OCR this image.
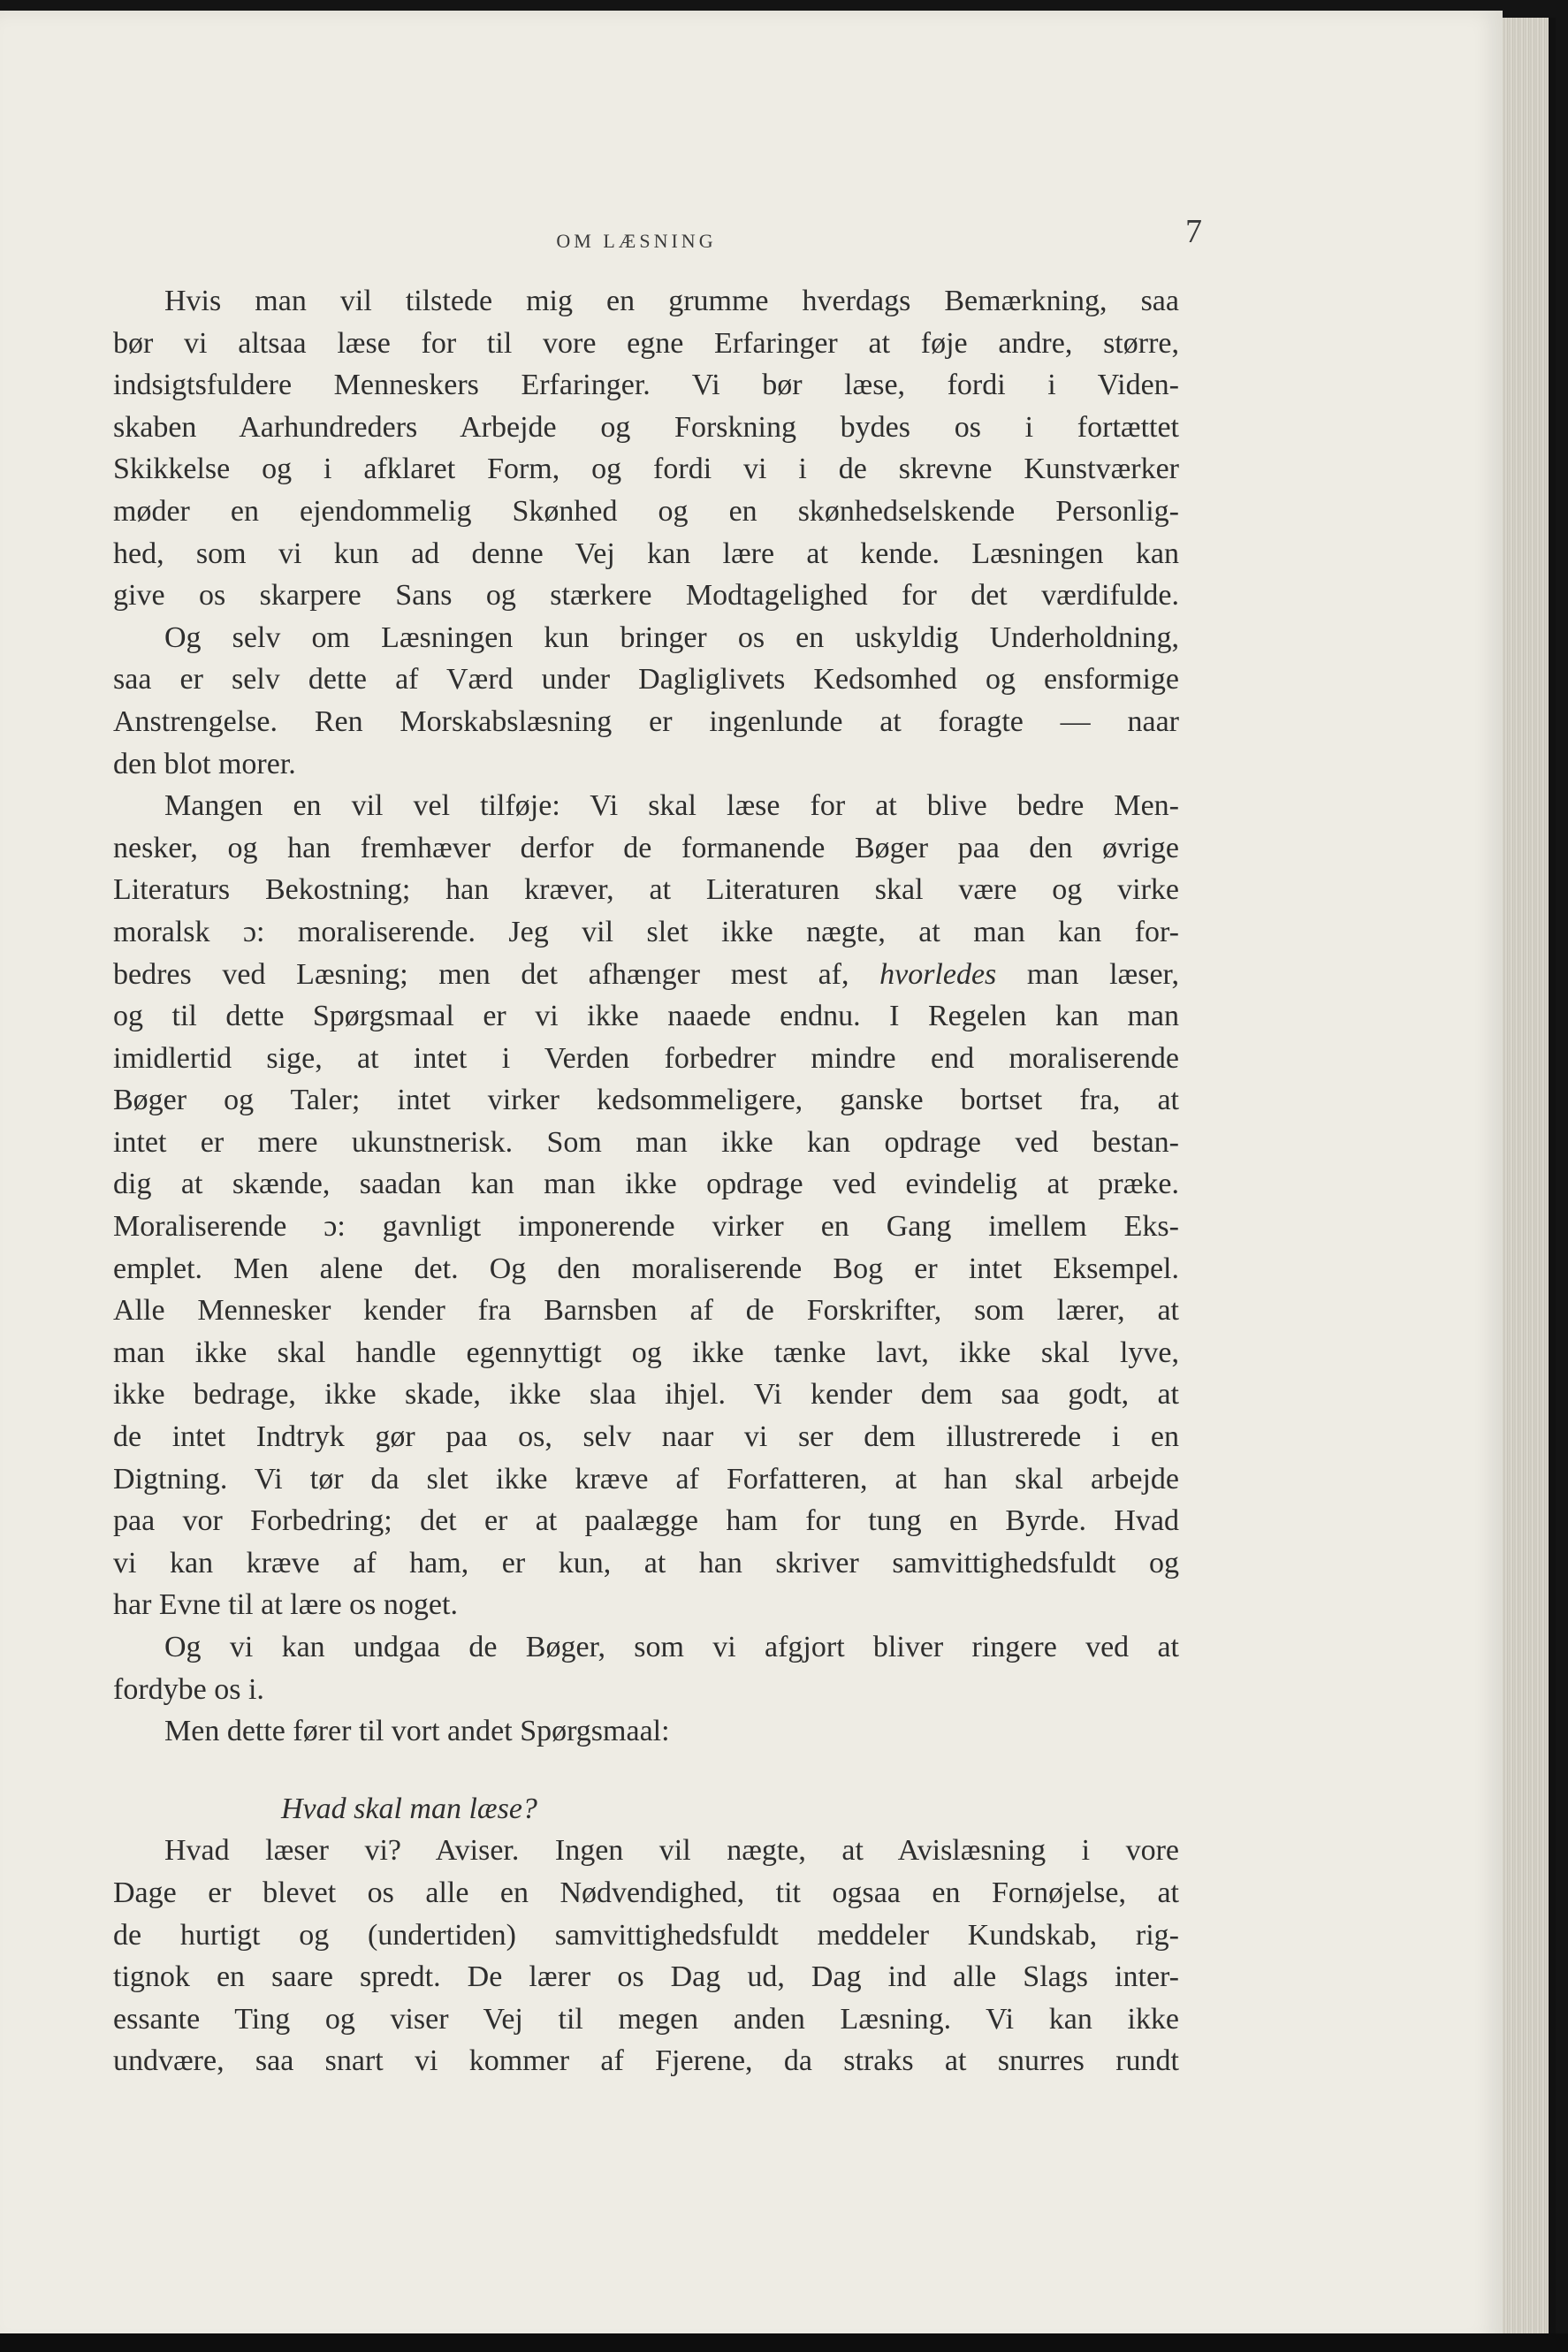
OM LÆSNING	7
Hvis man vil tilstede mig en grumme hverdags Bemærkning, saa
bør vi altsaa læse for til vore egne Erfaringer at føje andre, større,
indsigtsfuldere Menneskers Erfaringer. Vi bør læse, fordi i Viden-
skaben Aarhundreders Arbejde og Forskning bydes os i fortættet
Skikkelse og i afklaret Form, og fordi vi i de skrevne Kunstværker
møder en ejendommelig Skønhed og en skønhedselskende Personlig-
hed, som vi kun ad denne Vej kan lære at kende. Læsningen kan
give os skarpere Sans og stærkere Modtagelighed for det værdifulde.
Og selv om Læsningen kun bringer os en uskyldig Underholdning,
saa er selv dette af Værd under Dagliglivets Kedsomhed og ensformige
Anstrengelse. Ren Morskabslæsning er ingenlunde at foragte — naar
den blot morer.
Mangen en vil vel tilføje: Vi skal læse for at blive bedre Men-
nesker, og han fremhæver derfor de formanende Bøger paa den øvrige
Literaturs Bekostning; han kræver, at Literaturen skal være og virke
moralsk ɔ: moraliserende. Jeg vil slet ikke nægte, at man kan for-
bedres ved Læsning; men det afhænger mest af, hvorledes man læser,
og til dette Spørgsmaal er vi ikke naaede endnu. I Regelen kan man
imidlertid sige, at intet i Verden forbedrer mindre end moraliserende
Bøger og Taler; intet virker kedsommeligere, ganske bortset fra, at
intet er mere ukunstnerisk. Som man ikke kan opdrage ved bestan-
dig at skænde, saadan kan man ikke opdrage ved evindelig at præke.
Moraliserende ɔ: gavnligt imponerende virker en Gang imellem Eks-
emplet. Men alene det. Og den moraliserende Bog er intet Eksempel.
Alle Mennesker kender fra Barnsben af de Forskrifter, som lærer, at
man ikke skal handle egennyttigt og ikke tænke lavt, ikke skal lyve,
ikke bedrage, ikke skade, ikke slaa ihjel. Vi kender dem saa godt, at
de intet Indtryk gør paa os, selv naar vi ser dem illustrerede i en
Digtning. Vi tør da slet ikke kræve af Forfatteren, at han skal arbejde
paa vor Forbedring; det er at paalægge ham for tung en Byrde. Hvad
vi kan kræve af ham, er kun, at han skriver samvittighedsfuldt og
har Evne til at lære os noget.
Og vi kan undgaa de Bøger, som vi afgjort bliver ringere ved at
fordybe os i.
Men dette fører til vort andet Spørgsmaal:
Hvad skal man læse?
Hvad læser vi? Aviser. Ingen vil nægte, at Avislæsning i vore
Dage er blevet os alle en Nødvendighed, tit ogsaa en Fornøjelse, at
de hurtigt og (undertiden) samvittighedsfuldt meddeler Kundskab, rig-
tignok en saare spredt. De lærer os Dag ud, Dag ind alle Slags inter-
essante Ting og viser Vej til megen anden Læsning. Vi kan ikke
undvære, saa snart vi kommer af Fjerene, da straks at snurres rundt
